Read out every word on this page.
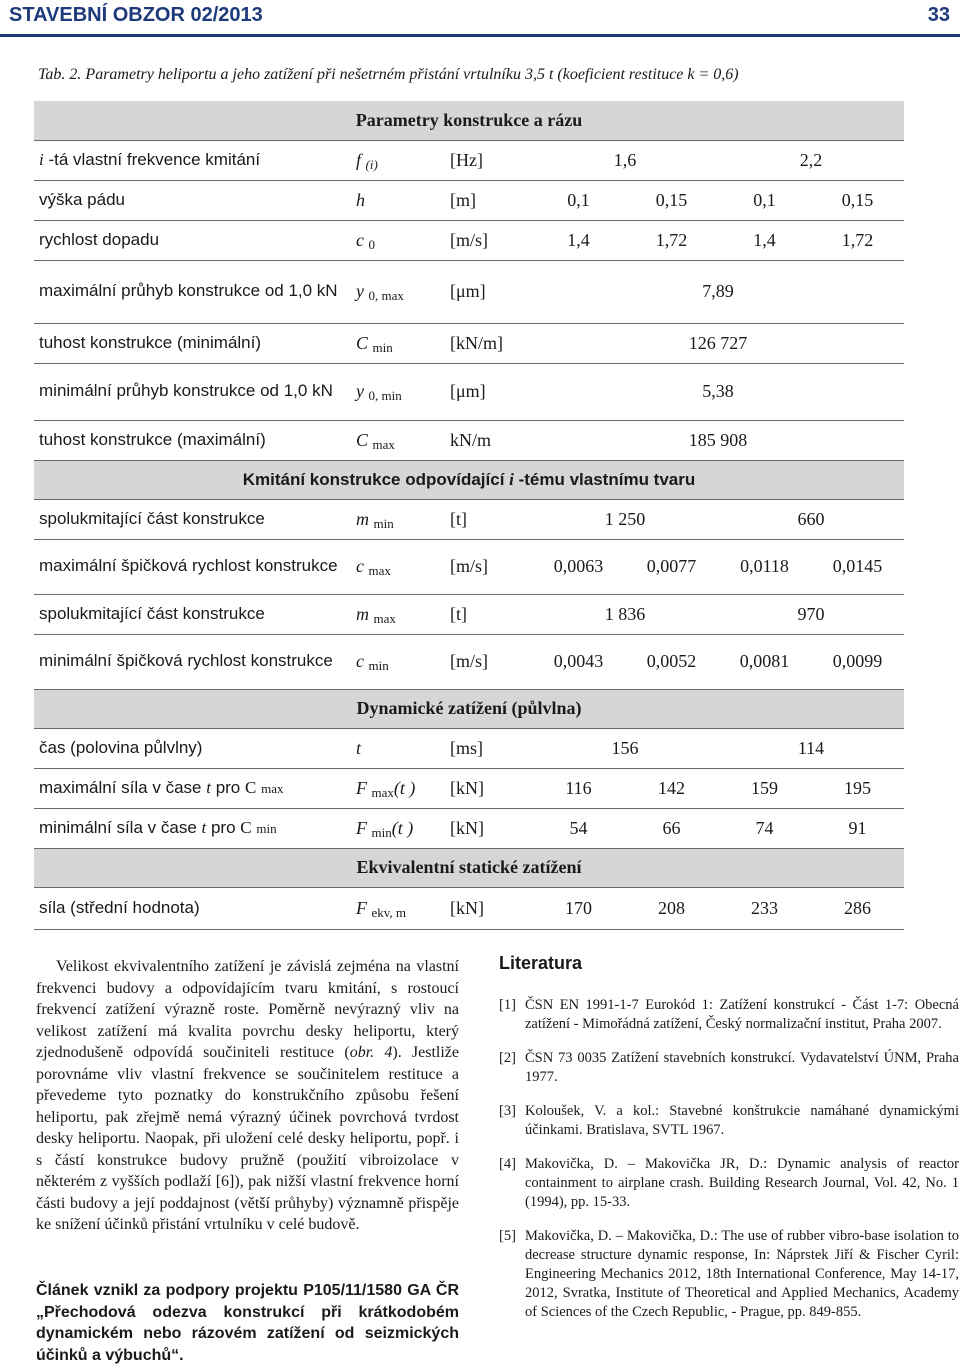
STAVEBNÍ OBZOR 02/2013	33
Tab. 2. Parametry heliportu a jeho zatížení při nešetrném přistání vrtulníku 3,5 t (koeficient restituce k = 0,6)
Parametry konstrukce a rázu						
i -tá vlastní frekvence kmitání	f (i)	[Hz]	1,6		2,2	
výška pádu	h	[m]	0,1	0,15	0,1	0,15
rychlost dopadu	c 0	[m/s]	1,4	1,72	1,4	1,72
maximální průhyb konstrukce od 1,0 kN	y 0, max	[μm]	7,89			
tuhost konstrukce (minimální)	C min	[kN/m]	126 727			
minimální průhyb konstrukce od 1,0 kN	y 0, min	[μm]	5,38			
tuhost konstrukce (maximální)	C max	kN/m	185 908			
Kmitání konstrukce odpovídající i -tému vlastnímu tvaru						
spolukmitající část konstrukce	m min	[t]	1 250		660	
maximální špičková rychlost konstrukce	c max	[m/s]	0,0063	0,0077	0,0118	0,0145
spolukmitající část konstrukce	m max	[t]	1 836		970	
minimální špičková rychlost konstrukce	c min	[m/s]	0,0043	0,0052	0,0081	0,0099
Dynamické zatížení (půlvlna)						
čas (polovina půlvlny)	t	[ms]	156		114	
maximální síla v čase t pro C max	F max(t )	[kN]	116	142	159	195
minimální síla v čase t pro C min	F min(t )	[kN]	54	66	74	91
Ekvivalentní statické zatížení						
síla (střední hodnota)	F ekv, m	[kN]	170	208	233	286

Velikost ekvivalentního zatížení je závislá zejména na vlastní frekvenci budovy a odpovídajícím tvaru kmitání, s rostoucí frekvencí zatížení výrazně roste. Poměrně nevýrazný vliv na velikost zatížení má kvalita povrchu desky heliportu, který zjednodušeně odpovídá součiniteli restituce (obr. 4). Jestliže porovnáme vliv vlastní frekvence se součinitelem restituce a převedeme tyto poznatky do konstrukčního způsobu řešení heliportu, pak zřejmě nemá výrazný účinek povrchová tvrdost desky heliportu. Naopak, při uložení celé desky heliportu, popř. i s částí konstrukce budovy pružně (použití vibroizolace v některém z vyšších podlaží [6]), pak nižší vlastní frekvence horní části budovy a její poddajnost (větší průhyby) významně přispěje ke snížení účinků přistání vrtulníku v celé budově.

Článek vznikl za podpory projektu P105/11/1580 GA ČR „Přechodová odezva konstrukcí při krátkodobém dynamickém nebo rázovém zatížení od seizmických účinků a výbuchů“.
Literatura
[1] ČSN EN 1991-1-7 Eurokód 1: Zatížení konstrukcí - Část 1-7: Obecná zatížení - Mimořádná zatížení, Český normalizační institut, Praha 2007.
[2] ČSN 73 0035 Zatížení stavebních konstrukcí. Vydavatelství ÚNM, Praha 1977.
[3] Koloušek, V. a kol.: Stavebné konštrukcie namáhané dynamickými účinkami. Bratislava, SVTL 1967.
[4] Makovička, D. – Makovička JR, D.: Dynamic analysis of reactor containment to airplane crash. Building Research Journal, Vol. 42, No. 1 (1994), pp. 15-33.
[5] Makovička, D. – Makovička, D.: The use of rubber vibro-base isolation to decrease structure dynamic response, In: Náprstek Jiří & Fischer Cyril: Engineering Mechanics 2012, 18th International Conference, May 14-17, 2012, Svratka, Institute of Theoretical and Applied Mechanics, Academy of Sciences of the Czech Republic, - Prague, pp. 849-855.
